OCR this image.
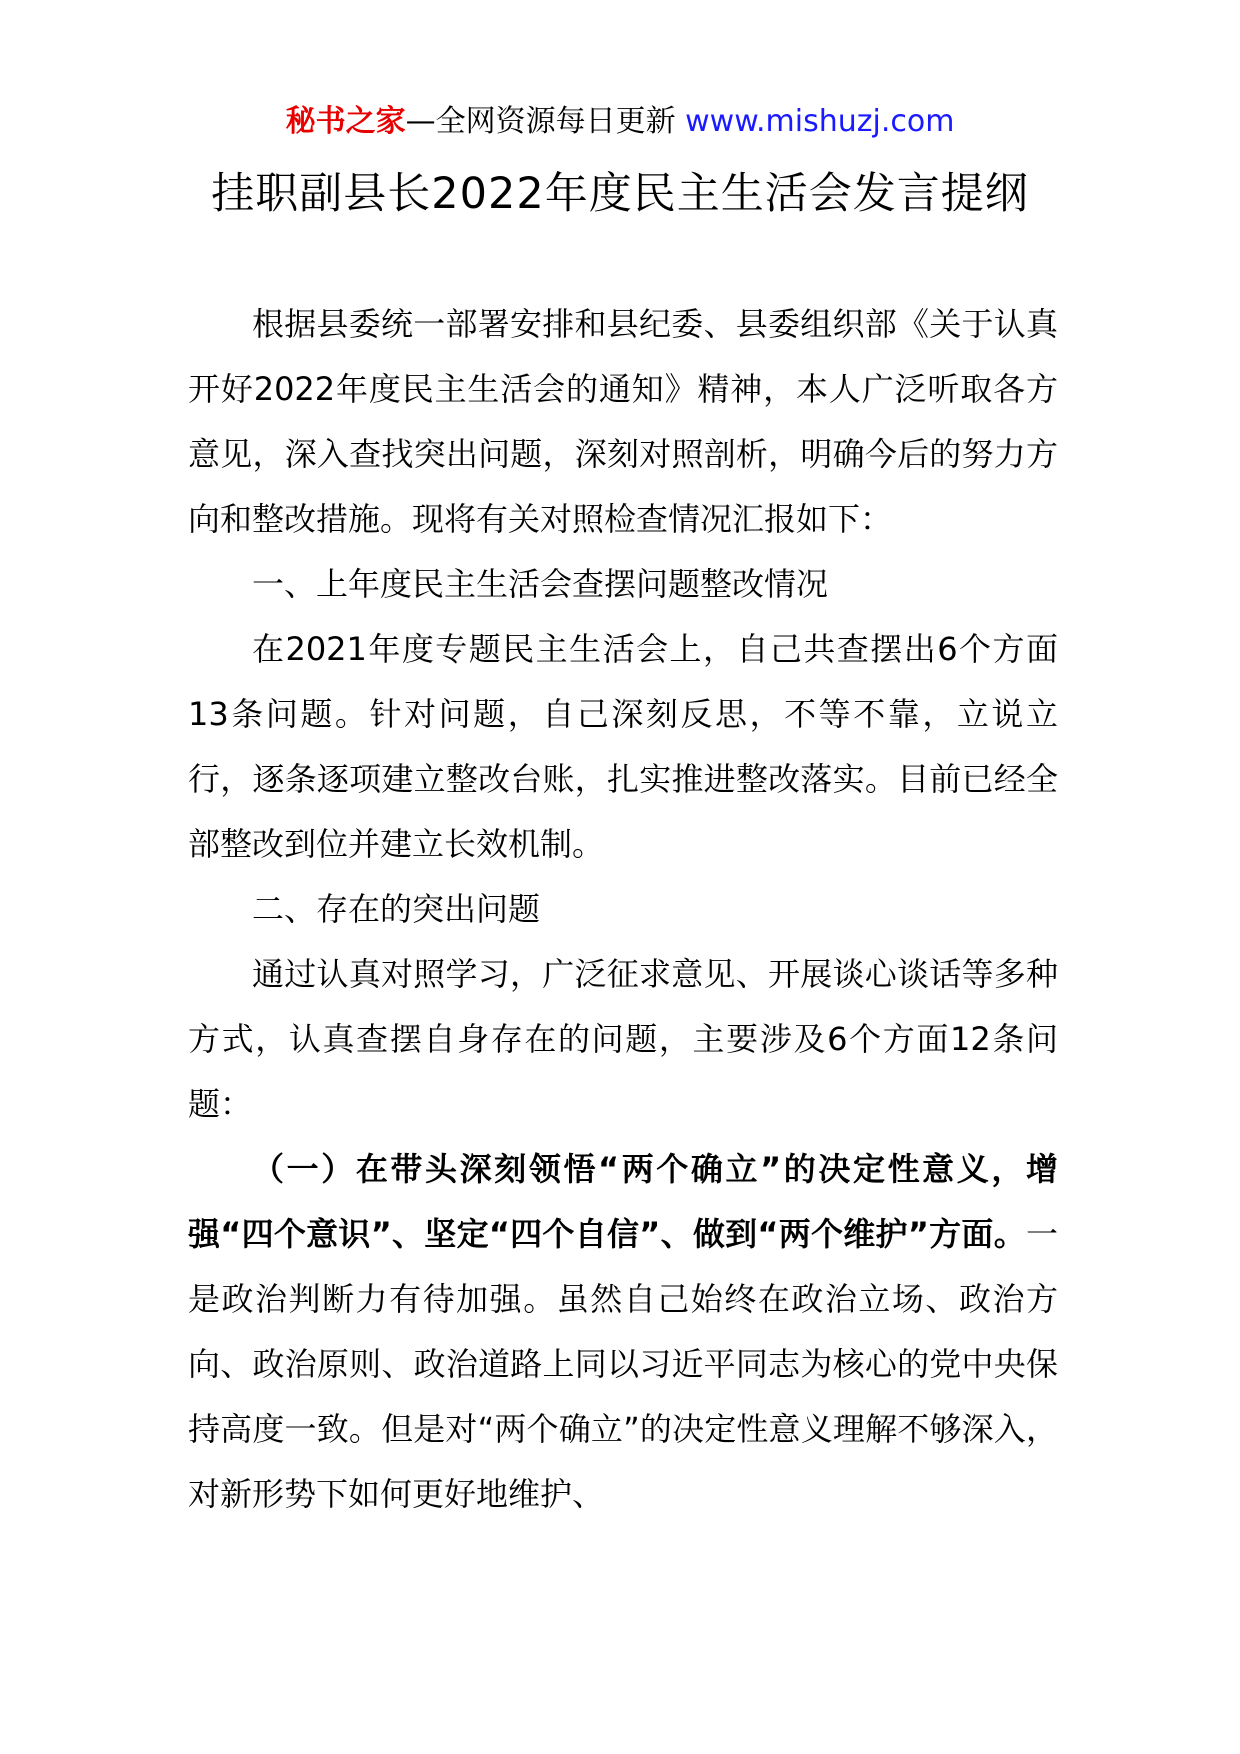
秘书之家—全网资源每日更新 www.mishuzj.com
挂职副县长2022年度民主生活会发言提纲

根据县委统一部署安排和县纪委、县委组织部《关于认真开好2022年度民主生活会的通知》精神，本人广泛听取各方意见，深入查找突出问题，深刻对照剖析，明确今后的努力方向和整改措施。现将有关对照检查情况汇报如下：

一、上年度民主生活会查摆问题整改情况

在2021年度专题民主生活会上，自己共查摆出6个方面13条问题。针对问题，自己深刻反思，不等不靠，立说立行，逐条逐项建立整改台账，扎实推进整改落实。目前已经全部整改到位并建立长效机制。

二、存在的突出问题

通过认真对照学习，广泛征求意见、开展谈心谈话等多种方式，认真查摆自身存在的问题，主要涉及6个方面12条问题：

（一）在带头深刻领悟“两个确立”的决定性意义，增强“四个意识”、坚定“四个自信”、做到“两个维护”方面。一是政治判断力有待加强。虽然自己始终在政治立场、政治方向、政治原则、政治道路上同以习近平同志为核心的党中央保持高度一致。但是对“两个确立”的决定性意义理解不够深入，对新形势下如何更好地维护、
